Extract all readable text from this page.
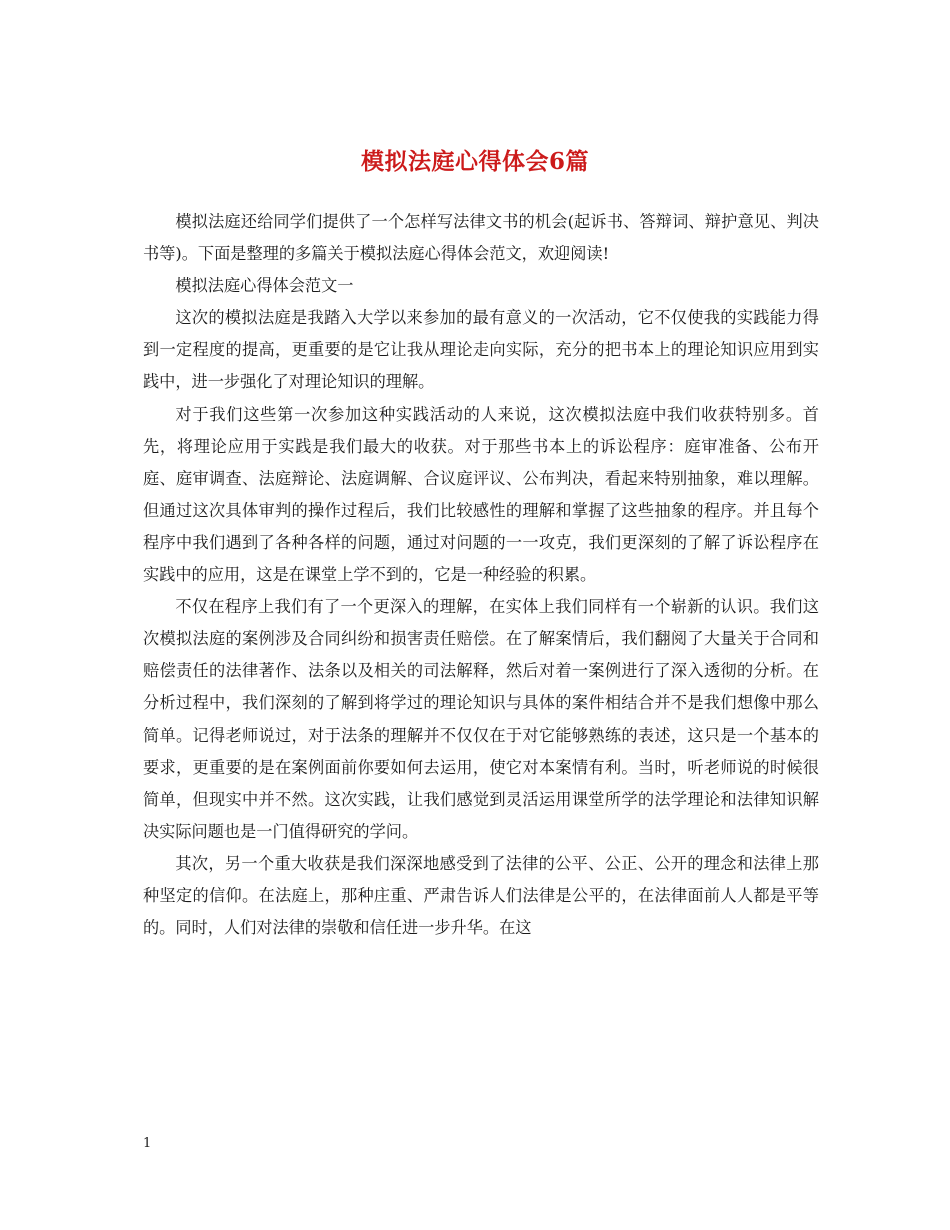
模拟法庭心得体会6篇

模拟法庭还给同学们提供了一个怎样写法律文书的机会(起诉书、答辩词、辩护意见、判决书等)。下面是整理的多篇关于模拟法庭心得体会范文，欢迎阅读!

模拟法庭心得体会范文一

这次的模拟法庭是我踏入大学以来参加的最有意义的一次活动，它不仅使我的实践能力得到一定程度的提高，更重要的是它让我从理论走向实际，充分的把书本上的理论知识应用到实践中，进一步强化了对理论知识的理解。

对于我们这些第一次参加这种实践活动的人来说，这次模拟法庭中我们收获特别多。首先，将理论应用于实践是我们最大的收获。对于那些书本上的诉讼程序：庭审准备、公布开庭、庭审调查、法庭辩论、法庭调解、合议庭评议、公布判决，看起来特别抽象，难以理解。但通过这次具体审判的操作过程后，我们比较感性的理解和掌握了这些抽象的程序。并且每个程序中我们遇到了各种各样的问题，通过对问题的一一攻克，我们更深刻的了解了诉讼程序在实践中的应用，这是在课堂上学不到的，它是一种经验的积累。

不仅在程序上我们有了一个更深入的理解，在实体上我们同样有一个崭新的认识。我们这次模拟法庭的案例涉及合同纠纷和损害责任赔偿。在了解案情后，我们翻阅了大量关于合同和赔偿责任的法律著作、法条以及相关的司法解释，然后对着一案例进行了深入透彻的分析。在分析过程中，我们深刻的了解到将学过的理论知识与具体的案件相结合并不是我们想像中那么简单。记得老师说过，对于法条的理解并不仅仅在于对它能够熟练的表述，这只是一个基本的要求，更重要的是在案例面前你要如何去运用，使它对本案情有利。当时，听老师说的时候很简单，但现实中并不然。这次实践，让我们感觉到灵活运用课堂所学的法学理论和法律知识解决实际问题也是一门值得研究的学问。

其次，另一个重大收获是我们深深地感受到了法律的公平、公正、公开的理念和法律上那种坚定的信仰。在法庭上，那种庄重、严肃告诉人们法律是公平的，在法律面前人人都是平等的。同时，人们对法律的崇敬和信任进一步升华。在这

1
